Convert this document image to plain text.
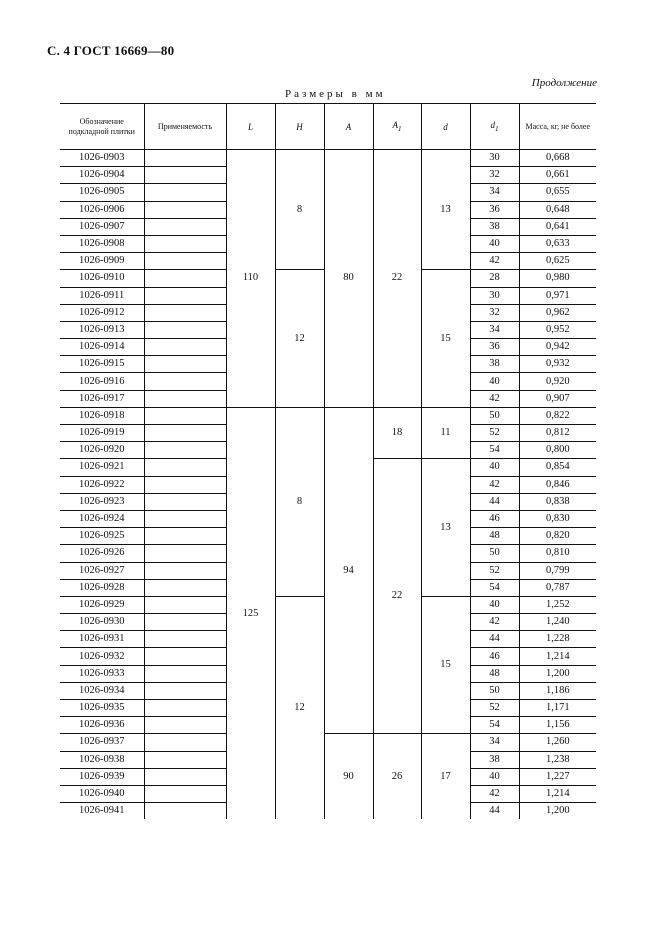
С. 4 ГОСТ 16669—80
Продолжение
Размеры в мм
Обозначение подкладной плитки	Применяемость	L	H	A	$A_1$	d	$d_1$	Масса, кг, не более
1026-0903		110	8	80	22	13	30	0,668
1026-0904							32	0,661
1026-0905							34	0,655
1026-0906							36	0,648
1026-0907							38	0,641
1026-0908							40	0,633
1026-0909							42	0,625
1026-0910			12			15	28	0,980
1026-0911							30	0,971
1026-0912							32	0,962
1026-0913							34	0,952
1026-0914							36	0,942
1026-0915							38	0,932
1026-0916							40	0,920
1026-0917							42	0,907
1026-0918		125	8	94	18	11	50	0,822
1026-0919							52	0,812
1026-0920							54	0,800
1026-0921					22	13	40	0,854
1026-0922							42	0,846
1026-0923							44	0,838
1026-0924							46	0,830
1026-0925							48	0,820
1026-0926							50	0,810
1026-0927							52	0,799
1026-0928							54	0,787
1026-0929			12			15	40	1,252
1026-0930							42	1,240
1026-0931							44	1,228
1026-0932							46	1,214
1026-0933							48	1,200
1026-0934							50	1,186
1026-0935							52	1,171
1026-0936							54	1,156
1026-0937				90	26	17	34	1,260
1026-0938							38	1,238
1026-0939							40	1,227
1026-0940							42	1,214
1026-0941							44	1,200
